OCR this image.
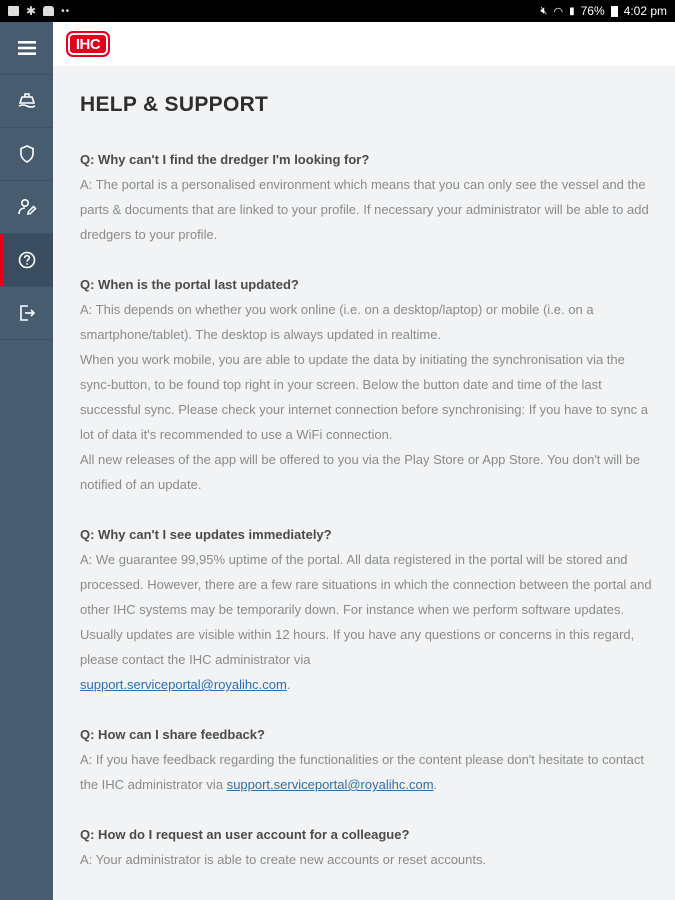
✱	••	🔇︎ ◠ ▮ 76% 4:02 pm
IHC
HELP & SUPPORT
Q: Why can't I find the dredger I'm looking for?
A: The portal is a personalised environment which means that you can only see the vessel and the parts & documents that are linked to your profile. If necessary your administrator will be able to add dredgers to your profile.
Q: When is the portal last updated?
A: This depends on whether you work online (i.e. on a desktop/laptop) or mobile (i.e. on a smartphone/tablet). The desktop is always updated in realtime.
When you work mobile, you are able to update the data by initiating the synchronisation via the sync-button, to be found top right in your screen. Below the button date and time of the last successful sync. Please check your internet connection before synchronising: If you have to sync a lot of data it's recommended to use a WiFi connection.
All new releases of the app will be offered to you via the Play Store or App Store. You don't will be notified of an update.
Q: Why can't I see updates immediately?
A: We guarantee 99,95% uptime of the portal. All data registered in the portal will be stored and processed. However, there are a few rare situations in which the connection between the portal and other IHC systems may be temporarily down. For instance when we perform software updates. Usually updates are visible within 12 hours. If you have any questions or concerns in this regard, please contact the IHC administrator via
support.serviceportal@royalihc.com.
Q: How can I share feedback?
A: If you have feedback regarding the functionalities or the content please don't hesitate to contact the IHC administrator via support.serviceportal@royalihc.com.
Q: How do I request an user account for a colleague?
A: Your administrator is able to create new accounts or reset accounts.
